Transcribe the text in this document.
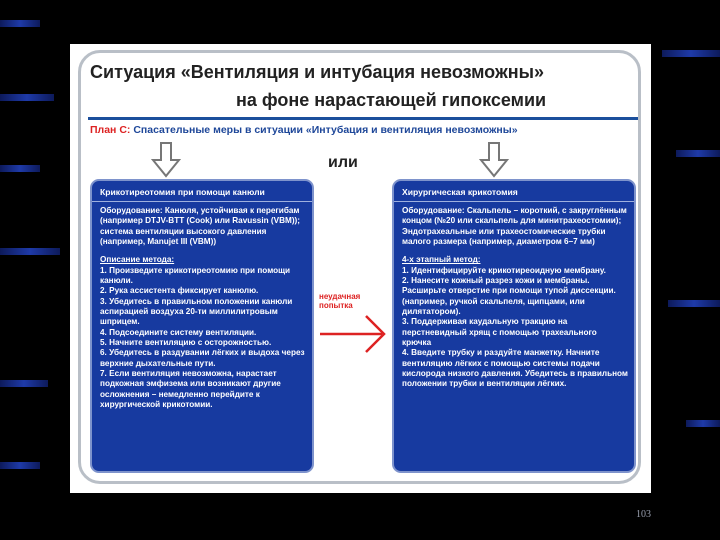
Ситуация «Вентиляция и интубация невозможны»
на фоне нарастающей гипоксемии
План C: Спасательные меры в ситуации «Интубация и вентиляция невозможны»
или
Крикотиреотомия при помощи канюли

Оборудование: Канюля, устойчивая к перегибам (например DTJV-BTT (Cook) или Ravussin (VBM)); система вентиляции высокого давления (например, Manujet III (VBM))

Описание метода:
1. Произведите крикотиреотомию при помощи канюли.
2. Рука ассистента фиксирует канюлю.
3. Убедитесь в правильном положении канюли аспирацией воздуха 20-ти миллилитровым шприцем.
4. Подсоедините систему вентиляции.
5. Начните вентиляцию с осторожностью.
6. Убедитесь в раздувании лёгких и выдоха через верхние дыхательные пути.
7. Если вентиляция невозможна, нарастает подкожная эмфизема или возникают другие осложнения – немедленно перейдите к хирургической крикотомии.
неудачная
попытка
Хирургическая крикотомия

Оборудование: Скальпель – короткий, с закруглённым концом (№20 или скальпель для минитрахеостомии); Эндотрахеальные или трахеостомические трубки малого размера (например, диаметром 6–7 мм)

4-х этапный метод:
1. Идентифицируйте крикотиреоидную мембрану.
2. Нанесите кожный разрез кожи и мембраны. Расширьте отверстие при помощи тупой диссекции. (например, ручкой скальпеля, щипцами, или дилятатором).
3. Поддерживая каудальную тракцию на перстневидный хрящ с помощью трахеального крючка
4. Введите трубку и раздуйте манжетку. Начните вентиляцию лёгких с помощью системы подачи кислорода низкого давления. Убедитесь в правильном положении трубки и вентиляции лёгких.
103
